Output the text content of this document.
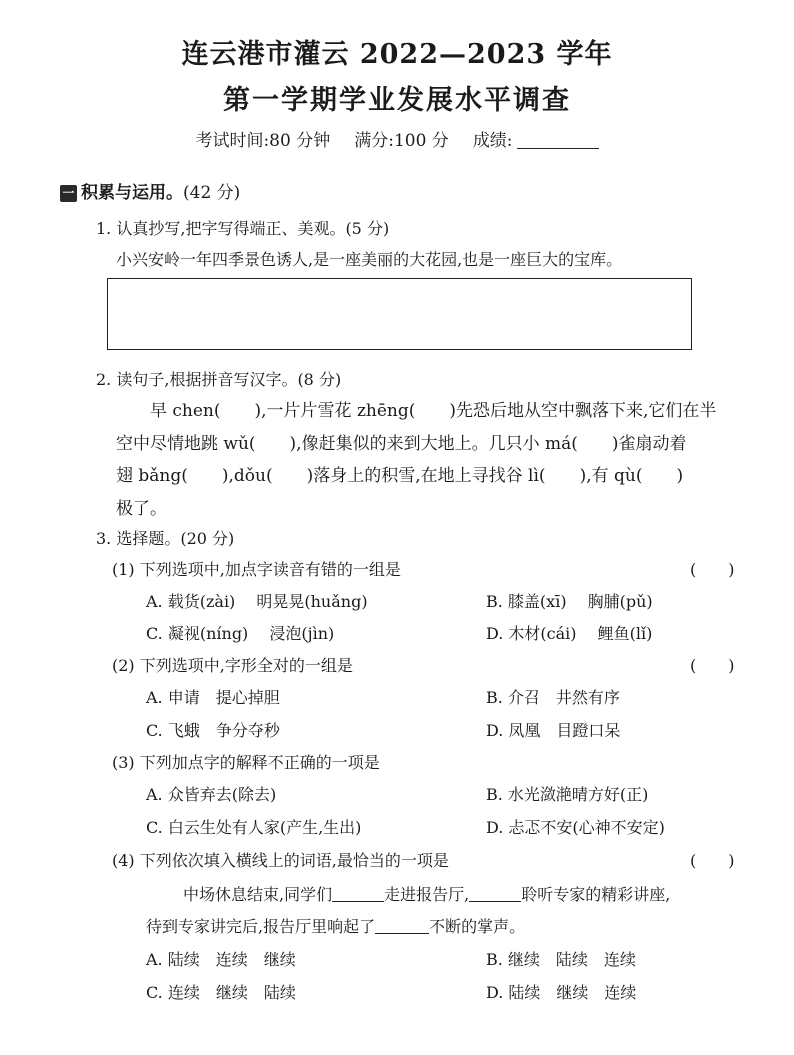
连云港市灌云 2022—2023 学年
第一学期学业发展水平调查
考试时间:80 分钟 满分:100 分 成绩:
一 积累与运用。(42 分)
1. 认真抄写,把字写得端正、美观。(5 分)
小兴安岭一年四季景色诱人,是一座美丽的大花园,也是一座巨大的宝库。
2. 读句子,根据拼音写汉字。(8 分)
早 chen(　　),一片片雪花 zhēng(　　)先恐后地从空中飘落下来,它们在半
空中尽情地跳 wǔ(　　),像赶集似的来到大地上。几只小 má(　　)雀扇动着
翅 bǎng(　　),dǒu(　　)落身上的积雪,在地上寻找谷 lì(　　),有 qù(　　)
极了。
3. 选择题。(20 分)
(1) 下列选项中,加点字读音有错的一组是	(　　)
A. 载货(zài)　 明晃晃(huǎng)	B. 膝盖(xī)　 胸脯(pǔ)
C. 凝视(níng)　 浸泡(jìn)	D. 木材(cái)　 鲤鱼(lǐ)
(2) 下列选项中,字形全对的一组是	(　　)
A. 申请　提心掉胆	B. 介召　井然有序
C. 飞蛾　争分夺秒	D. 凤凰　目蹬口呆
(3) 下列加点字的解释不正确的一项是
A. 众皆弃去(除去)	B. 水光潋滟晴方好(正)
C. 白云生处有人家(产生,生出)	D. 忐忑不安(心神不安定)
(4) 下列依次填入横线上的词语,最恰当的一项是	(　　)
中场休息结束,同学们	走进报告厅,	聆听专家的精彩讲座,
待到专家讲完后,报告厅里响起了	不断的掌声。
A. 陆续　连续　继续	B. 继续　陆续　连续
C. 连续　继续　陆续	D. 陆续　继续　连续
